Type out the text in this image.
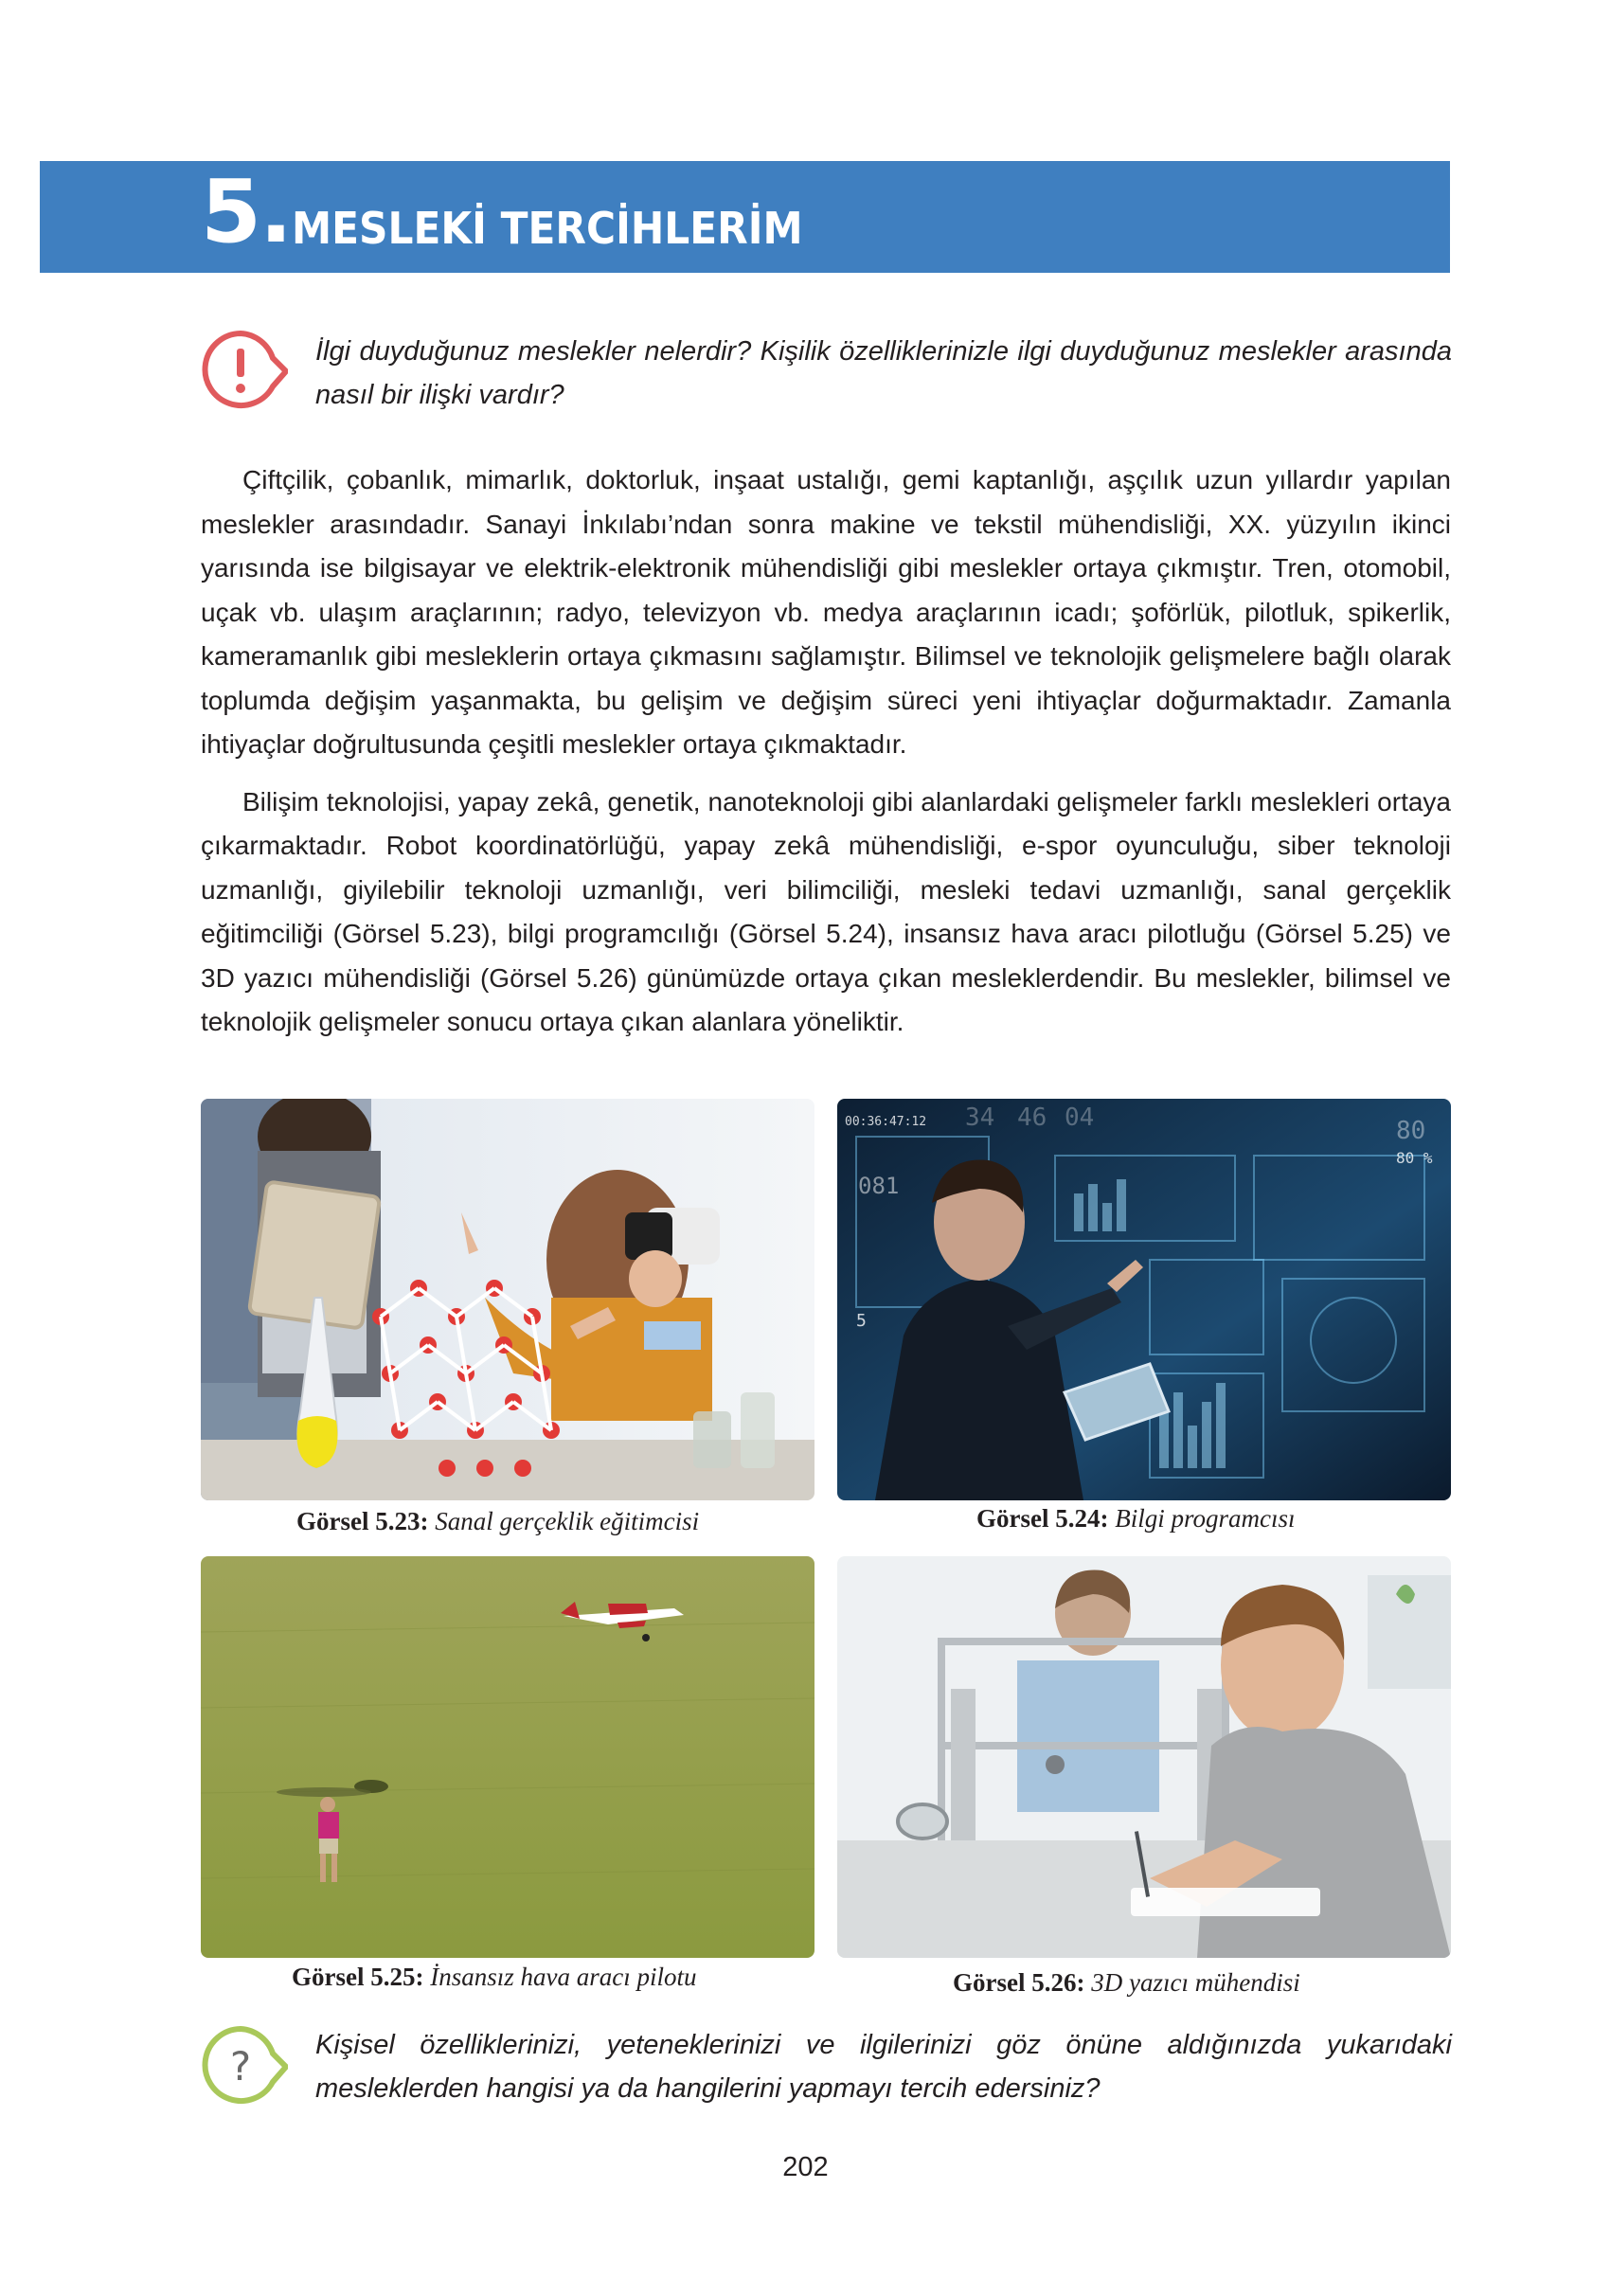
5. MESLEKİ TERCİHLERİM

İlgi duyduğunuz meslekler nelerdir? Kişilik özelliklerinizle ilgi duyduğunuz meslekler arasında nasıl bir ilişki vardır?

Çiftçilik, çobanlık, mimarlık, doktorluk, inşaat ustalığı, gemi kaptanlığı, aşçılık uzun yıllardır yapılan meslekler arasındadır. Sanayi İnkılabı’ndan sonra makine ve tekstil mühendisliği, XX. yüzyılın ikinci yarısında ise bilgisayar ve elektrik-elektronik mühendisliği gibi meslekler ortaya çıkmıştır. Tren, otomobil, uçak vb. ulaşım araçlarının; radyo, televizyon vb. medya araçlarının icadı; şoförlük, pilotluk, spikerlik, kameramanlık gibi mesleklerin ortaya çıkmasını sağlamıştır. Bilimsel ve teknolojik gelişmelere bağlı olarak toplumda değişim yaşanmakta, bu gelişim ve değişim süreci yeni ihtiyaçlar doğurmaktadır. Zamanla ihtiyaçlar doğrultusunda çeşitli meslekler ortaya çıkmaktadır.

Bilişim teknolojisi, yapay zekâ, genetik, nanoteknoloji gibi alanlardaki gelişmeler farklı meslekleri ortaya çıkarmaktadır. Robot koordinatörlüğü, yapay zekâ mühendisliği, e-spor oyunculuğu, siber teknoloji uzmanlığı, giyilebilir teknoloji uzmanlığı, veri bilimciliği, mesleki tedavi uzmanlığı, sanal gerçeklik eğitimciliği (Görsel 5.23), bilgi programcılığı (Görsel 5.24), insansız hava aracı pilotluğu (Görsel 5.25) ve 3D yazıcı mühendisliği (Görsel 5.26) günümüzde ortaya çıkan mesleklerdendir. Bu meslekler, bilimsel ve teknolojik gelişmeler sonucu ortaya çıkan alanlara yöneliktir.

Görsel 5.23: Sanal gerçeklik eğitimcisi
00:36:47:12 34 46 04	80
80 %
081
5
Görsel 5.24: Bilgi programcısı
Görsel 5.25: İnsansız hava aracı pilotu	Görsel 5.26: 3D yazıcı mühendisi
?	Kişisel özelliklerinizi, yeteneklerinizi ve ilgilerinizi göz önüne aldığınızda yukarıdaki mesleklerden hangisi ya da hangilerini yapmayı tercih edersiniz?

202
